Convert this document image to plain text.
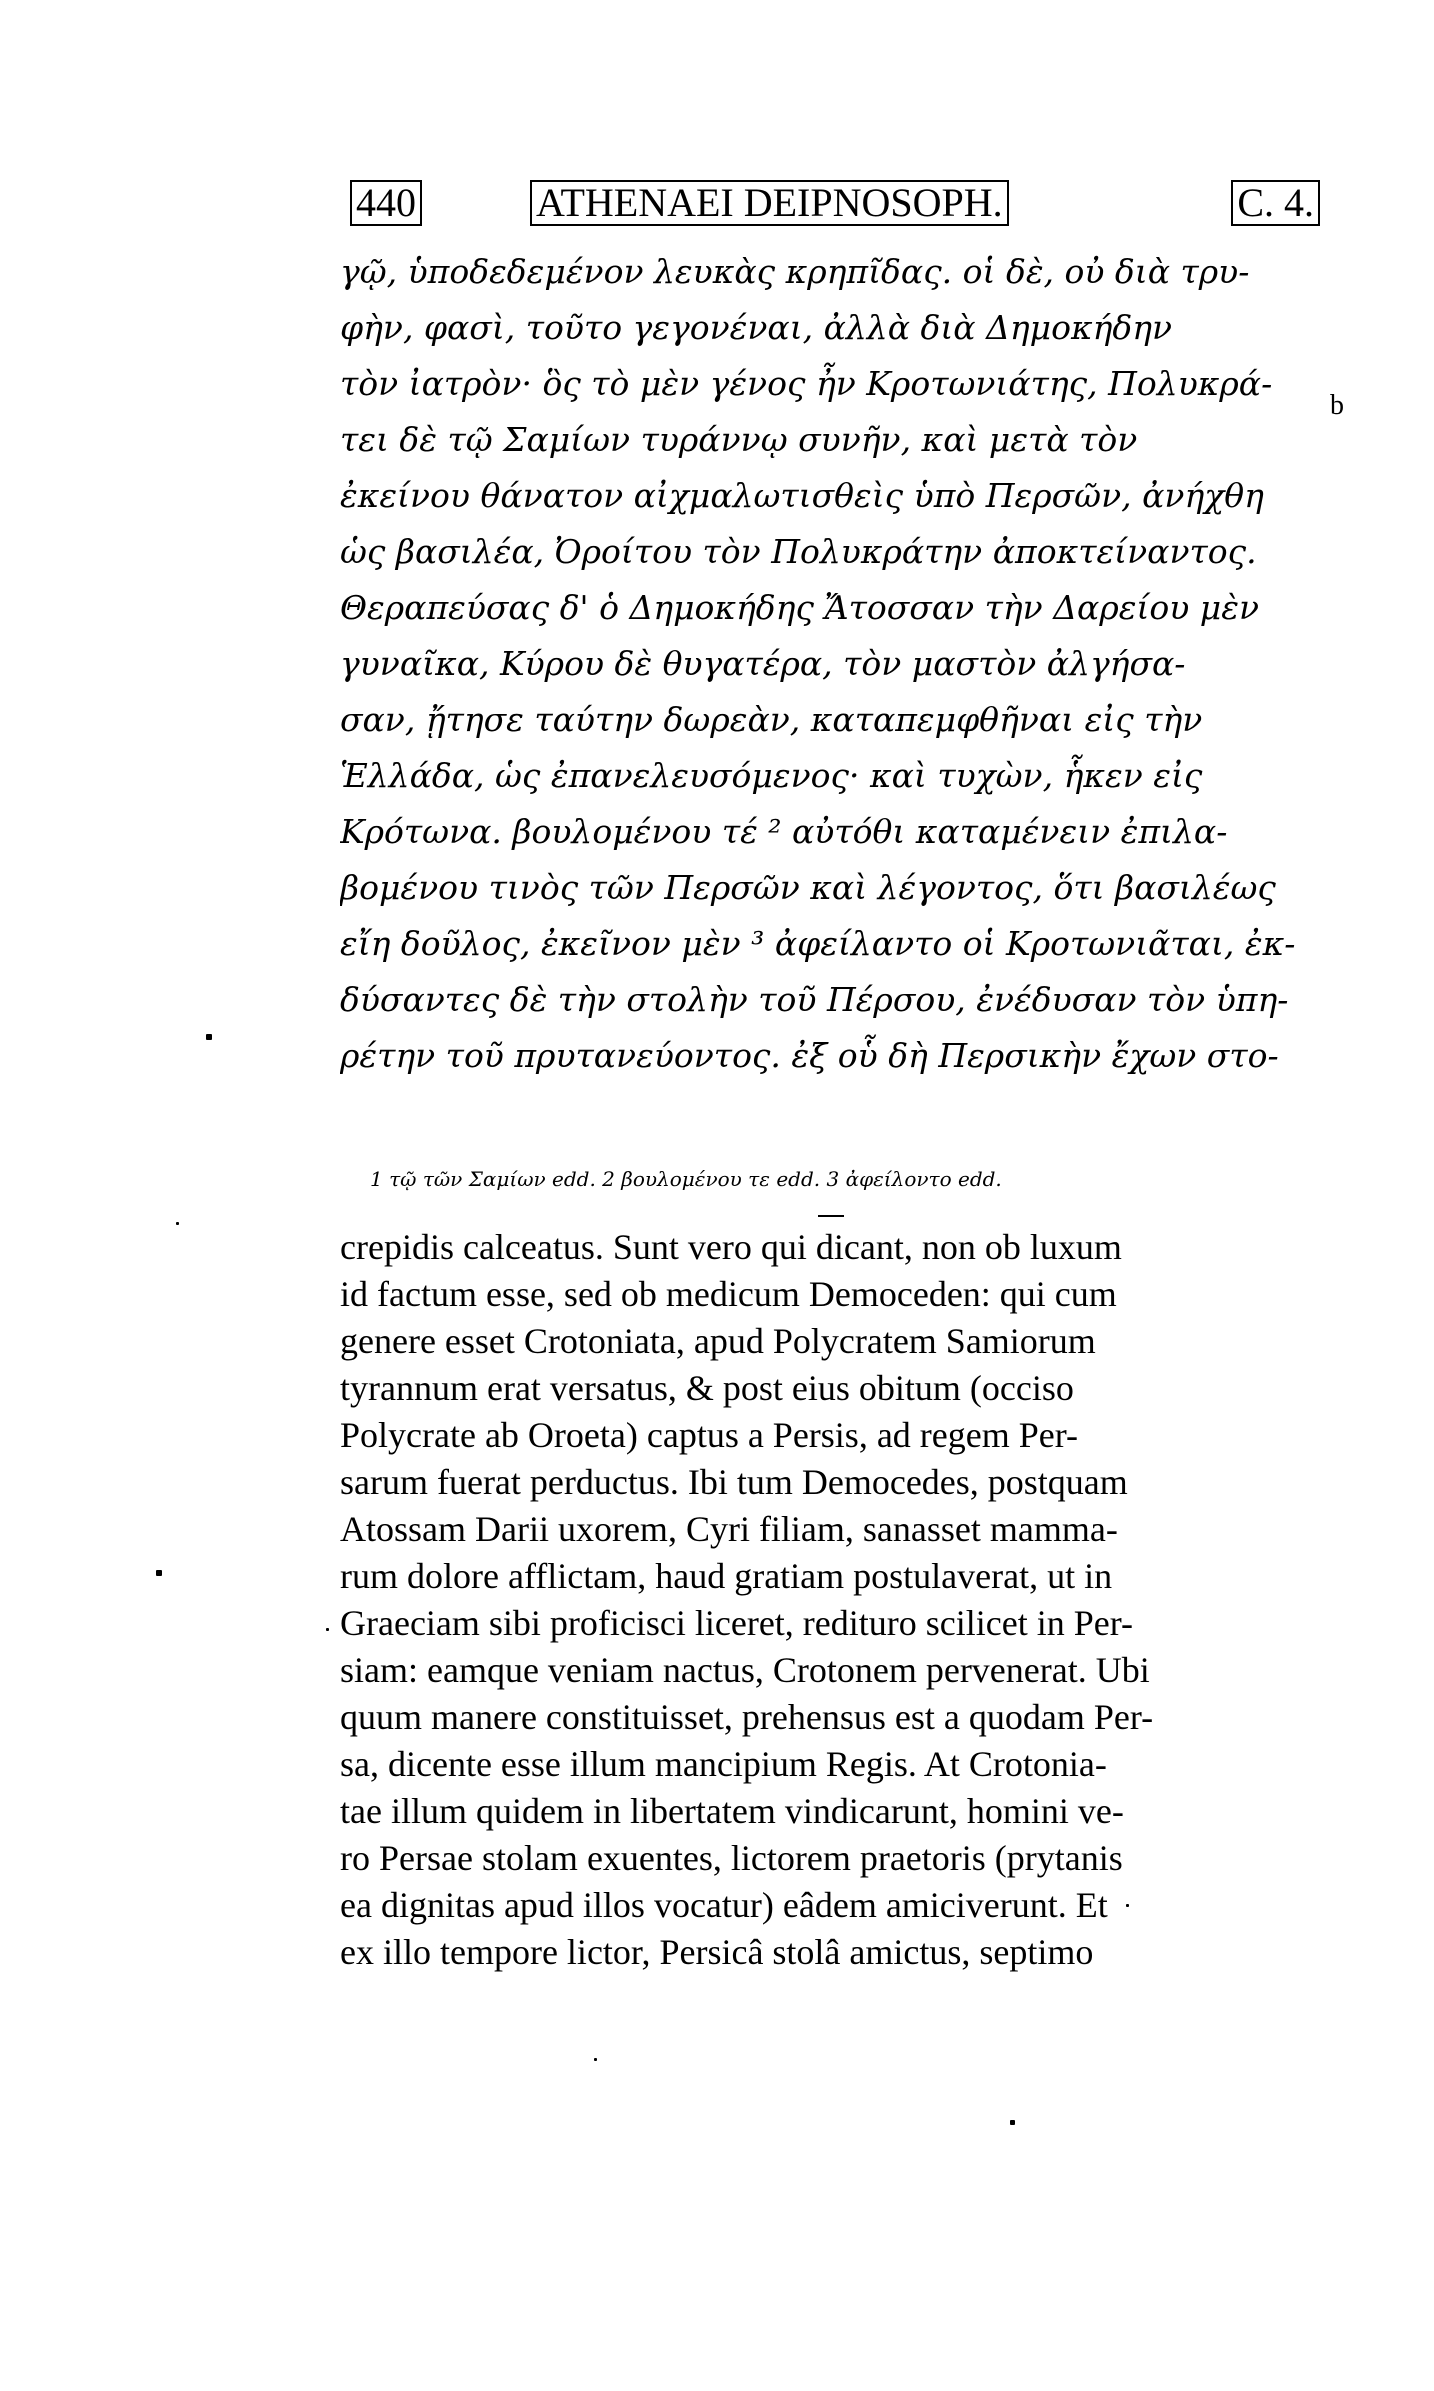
440	ATHENAEI DEIPNOSOPH.	C. 4.
γῷ, ὑποδεδεμένον λευκὰς κρηπῖδας. οἱ δὲ, οὐ διὰ τρυ-
φὴν, φασὶ, τοῦτο γεγονέναι, ἀλλὰ διὰ Δημοκήδην
τὸν ἰατρὸν· ὃς τὸ μὲν γένος ἦν Κροτωνιάτης, Πολυκρά-
τει δὲ τῷ Σαμίων τυράννῳ συνῆν, καὶ μετὰ τὸν
ἐκείνου θάνατον αἰχμαλωτισθεὶς ὑπὸ Περσῶν, ἀνήχθη
ὡς βασιλέα, Ὀροίτου τὸν Πολυκράτην ἀποκτείναντος.
Θεραπεύσας δ' ὁ Δημοκήδης Ἄτοσσαν τὴν Δαρείου μὲν
γυναῖκα, Κύρου δὲ θυγατέρα, τὸν μαστὸν ἀλγήσα-
σαν, ᾔτησε ταύτην δωρεὰν, καταπεμφθῆναι εἰς τὴν
Ἑλλάδα, ὡς ἐπανελευσόμενος· καὶ τυχὼν, ἧκεν εἰς
Κρότωνα. βουλομένου τέ ² αὐτόθι καταμένειν ἐπιλα-
βομένου τινὸς τῶν Περσῶν καὶ λέγοντος, ὅτι βασιλέως
εἴη δοῦλος, ἐκεῖνον μὲν ³ ἀφείλαντο οἱ Κροτωνιᾶται, ἐκ-
δύσαντες δὲ τὴν στολὴν τοῦ Πέρσου, ἐνέδυσαν τὸν ὑπη-
ρέτην τοῦ πρυτανεύοντος. ἐξ οὗ δὴ Περσικὴν ἔχων στο-
b
1 τῷ τῶν Σαμίων edd. 2 βουλομένου τε edd. 3 ἀφείλοντο edd.
crepidis calceatus. Sunt vero qui dicant, non ob luxum
id factum esse, sed ob medicum Democeden: qui cum
genere esset Crotoniata, apud Polycratem Samiorum
tyrannum erat versatus, & post eius obitum (occiso
Polycrate ab Oroeta) captus a Persis, ad regem Per-
sarum fuerat perductus. Ibi tum Democedes, postquam
Atossam Darii uxorem, Cyri filiam, sanasset mamma-
rum dolore afflictam, haud gratiam postulaverat, ut in
Graeciam sibi proficisci liceret, redituro scilicet in Per-
siam: eamque veniam nactus, Crotonem pervenerat. Ubi
quum manere constituisset, prehensus est a quodam Per-
sa, dicente esse illum mancipium Regis. At Crotonia-
tae illum quidem in libertatem vindicarunt, homini ve-
ro Persae stolam exuentes, lictorem praetoris (prytanis
ea dignitas apud illos vocatur) eâdem amiciverunt. Et
ex illo tempore lictor, Persicâ stolâ amictus, septimo
